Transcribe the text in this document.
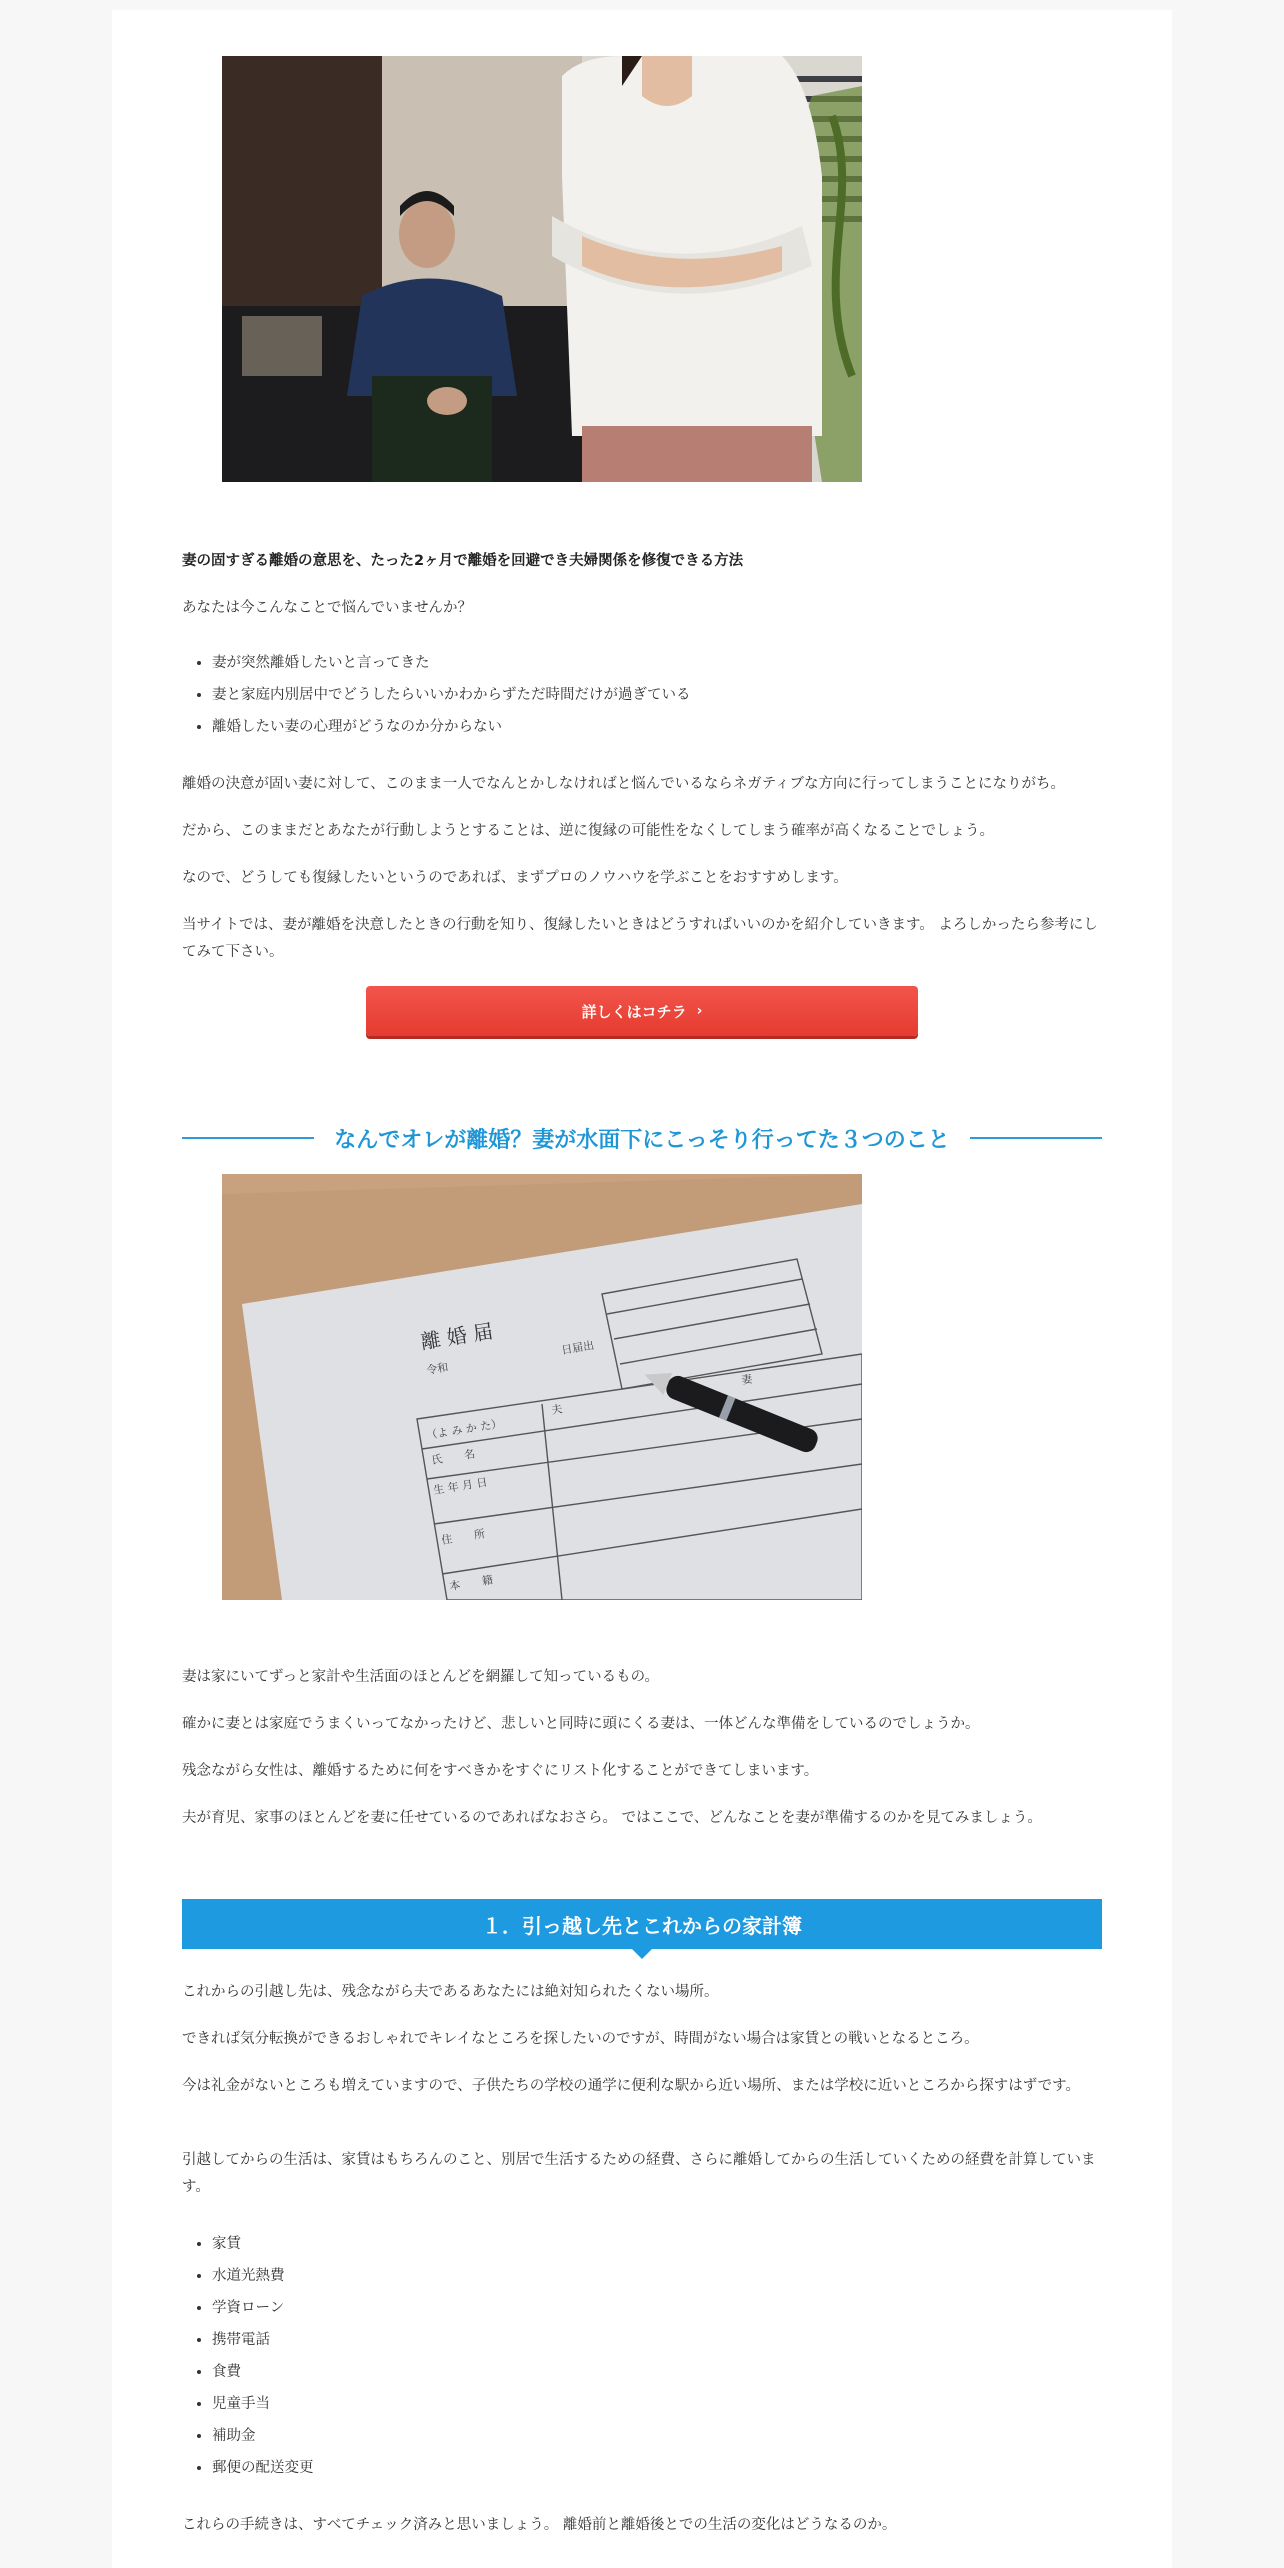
妻の固すぎる離婚の意思を、たった2ヶ月で離婚を回避でき夫婦関係を修復できる方法

あなたは今こんなことで悩んでいませんか？

• 妻が突然離婚したいと言ってきた
• 妻と家庭内別居中でどうしたらいいかわからずただ時間だけが過ぎている
• 離婚したい妻の心理がどうなのか分からない

離婚の決意が固い妻に対して、このまま一人でなんとかしなければと悩んでいるならネガティブな方向に行ってしまうことになりがち。

だから、このままだとあなたが行動しようとすることは、逆に復縁の可能性をなくしてしまう確率が高くなることでしょう。

なので、どうしても復縁したいというのであれば、まずプロのノウハウを学ぶことをおすすめします。

当サイトでは、妻が離婚を決意したときの行動を知り、復縁したいときはどうすればいいのかを紹介していきます。 よろしかったら参考にしてみて下さい。

詳しくはコチラ ›
なんでオレが離婚？妻が水面下にこっそり行ってた３つのこと
離 婚 届
令和
日届出
（よ み か た）
氏　　名
生 年 月 日
住　　所
本　　籍
夫
妻

妻は家にいてずっと家計や生活面のほとんどを網羅して知っているもの。

確かに妻とは家庭でうまくいってなかったけど、悲しいと同時に頭にくる妻は、一体どんな準備をしているのでしょうか。

残念ながら女性は、離婚するために何をすべきかをすぐにリスト化することができてしまいます。

夫が育児、家事のほとんどを妻に任せているのであればなおさら。 ではここで、どんなことを妻が準備するのかを見てみましょう。

１．引っ越し先とこれからの家計簿

これからの引越し先は、残念ながら夫であるあなたには絶対知られたくない場所。

できれば気分転換ができるおしゃれでキレイなところを探したいのですが、時間がない場合は家賃との戦いとなるところ。

今は礼金がないところも増えていますので、子供たちの学校の通学に便利な駅から近い場所、または学校に近いところから探すはずです。

引越してからの生活は、家賃はもちろんのこと、別居で生活するための経費、さらに離婚してからの生活していくための経費を計算しています。

• 家賃
• 水道光熱費
• 学資ローン
• 携帯電話
• 食費
• 児童手当
• 補助金
• 郵便の配送変更

これらの手続きは、すべてチェック済みと思いましょう。 離婚前と離婚後とでの生活の変化はどうなるのか。
